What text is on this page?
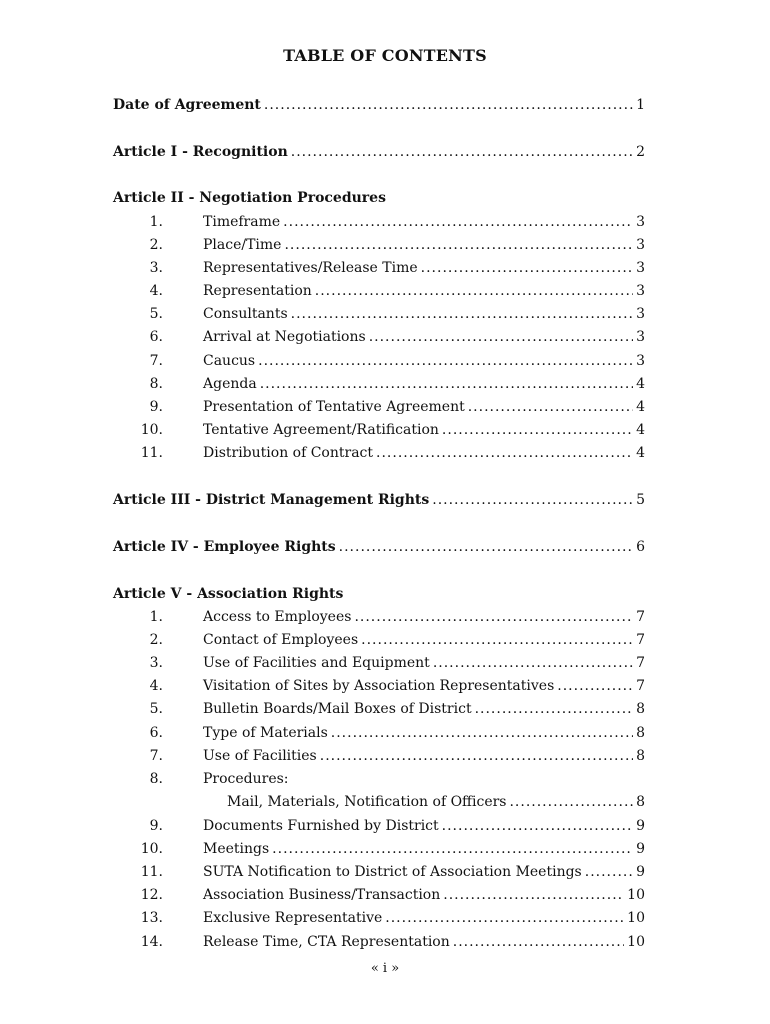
TABLE OF CONTENTS
Date of Agreement .....	1
Article I - Recognition .....	2
Article II - Negotiation Procedures
1.	Timeframe .....	3
2.	Place/Time .....	3
3.	Representatives/Release Time .....	3
4.	Representation .....	3
5.	Consultants .....	3
6.	Arrival at Negotiations .....	3
7.	Caucus .....	3
8.	Agenda .....	4
9.	Presentation of Tentative Agreement .....	4
10.	Tentative Agreement/Ratification .....	4
11.	Distribution of Contract .....	4
Article III - District Management Rights .....	5
Article IV - Employee Rights .....	6
Article V - Association Rights
1.	Access to Employees .....	7
2.	Contact of Employees .....	7
3.	Use of Facilities and Equipment .....	7
4.	Visitation of Sites by Association Representatives .....	7
5.	Bulletin Boards/Mail Boxes of District .....	8
6.	Type of Materials .....	8
7.	Use of Facilities .....	8
8.	Procedures:
Mail, Materials, Notification of Officers .....	8
9.	Documents Furnished by District .....	9
10.	Meetings .....	9
11.	SUTA Notification to District of Association Meetings .....	9
12.	Association Business/Transaction .....	10
13.	Exclusive Representative .....	10
14.	Release Time, CTA Representation .....	10
« i »
